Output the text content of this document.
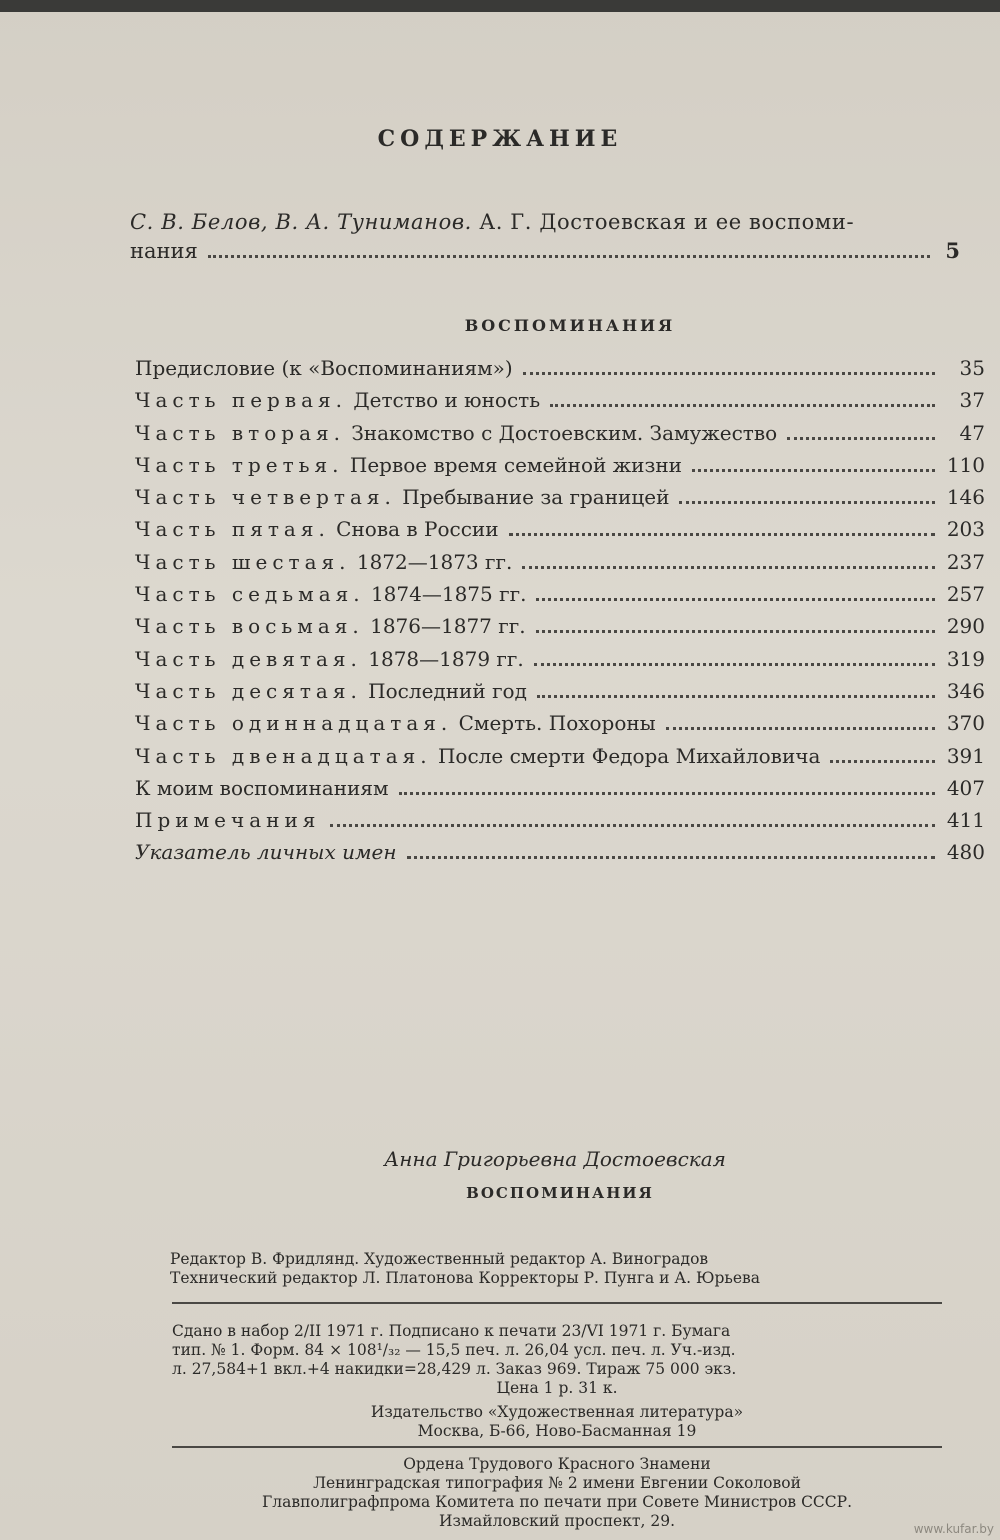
СОДЕРЖАНИЕ
С. В. Белов, В. А. Туниманов. А. Г. Достоевская и ее воспоми-
нания	5
ВОСПОМИНАНИЯ
Предисловие (к «Воспоминаниям»)	35
Часть первая. Детство и юность	37
Часть вторая. Знакомство с Достоевским. Замужество	47
Часть третья. Первое время семейной жизни	110
Часть четвертая. Пребывание за границей	146
Часть пятая. Снова в России	203
Часть шестая. 1872—1873 гг.	237
Часть седьмая. 1874—1875 гг.	257
Часть восьмая. 1876—1877 гг.	290
Часть девятая. 1878—1879 гг.	319
Часть десятая. Последний год	346
Часть одиннадцатая. Смерть. Похороны	370
Часть двенадцатая. После смерти Федора Михайловича	391
К моим воспоминаниям	407
Примечания	411
Указатель личных имен	480
Анна Григорьевна Достоевская
ВОСПОМИНАНИЯ
Редактор В. Фридлянд. Художественный редактор А. Виноградов
Технический редактор Л. Платонова Корректоры Р. Пунга и А. Юрьева
Сдано в набор 2/II 1971 г. Подписано к печати 23/VI 1971 г. Бумага
тип. № 1. Форм. 84 × 108¹/₃₂ — 15,5 печ. л. 26,04 усл. печ. л. Уч.-изд.
л. 27,584+1 вкл.+4 накидки=28,429 л. Заказ 969. Тираж 75 000 экз.
Цена 1 р. 31 к.
Издательство «Художественная литература»
Москва, Б-66, Ново-Басманная 19
Ордена Трудового Красного Знамени
Ленинградская типография № 2 имени Евгении Соколовой
Главполиграфпрома Комитета по печати при Совете Министров СССР.
Измайловский проспект, 29.	www.kufar.by
